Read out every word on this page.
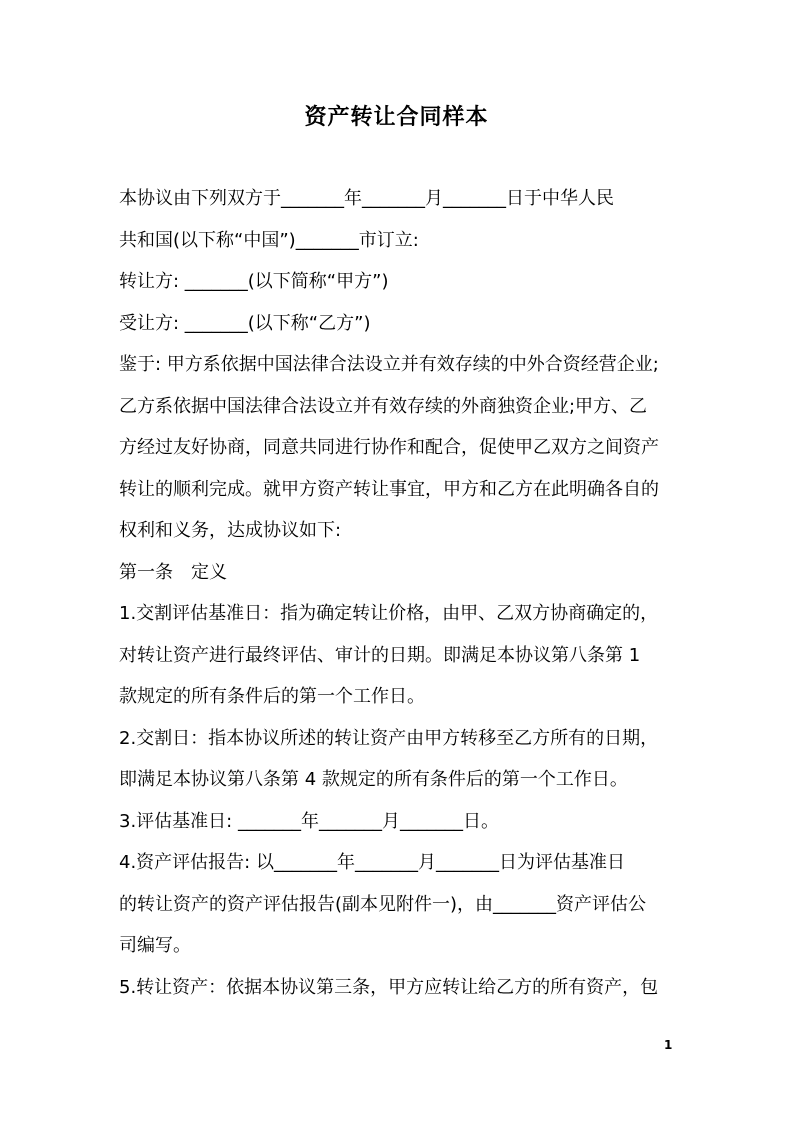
资产转让合同样本
本协议由下列双方于_______年_______月_______日于中华人民
共和国(以下称“中国”)_______市订立:
转让方: _______(以下简称“甲方”)
受让方: _______(以下称“乙方”)
鉴于: 甲方系依据中国法律合法设立并有效存续的中外合资经营企业;
乙方系依据中国法律合法设立并有效存续的外商独资企业;甲方、乙
方经过友好协商，同意共同进行协作和配合，促使甲乙双方之间资产
转让的顺利完成。就甲方资产转让事宜，甲方和乙方在此明确各自的
权利和义务，达成协议如下:
第一条　定义
1.交割评估基准日：指为确定转让价格，由甲、乙双方协商确定的，
对转让资产进行最终评估、审计的日期。即满足本协议第八条第 1
款规定的所有条件后的第一个工作日。
2.交割日：指本协议所述的转让资产由甲方转移至乙方所有的日期，
即满足本协议第八条第 4 款规定的所有条件后的第一个工作日。
3.评估基准日: _______年_______月_______日。
4.资产评估报告: 以_______年_______月_______日为评估基准日
的转让资产的资产评估报告(副本见附件一)，由_______资产评估公
司编写。
5.转让资产：依据本协议第三条，甲方应转让给乙方的所有资产，包
1
